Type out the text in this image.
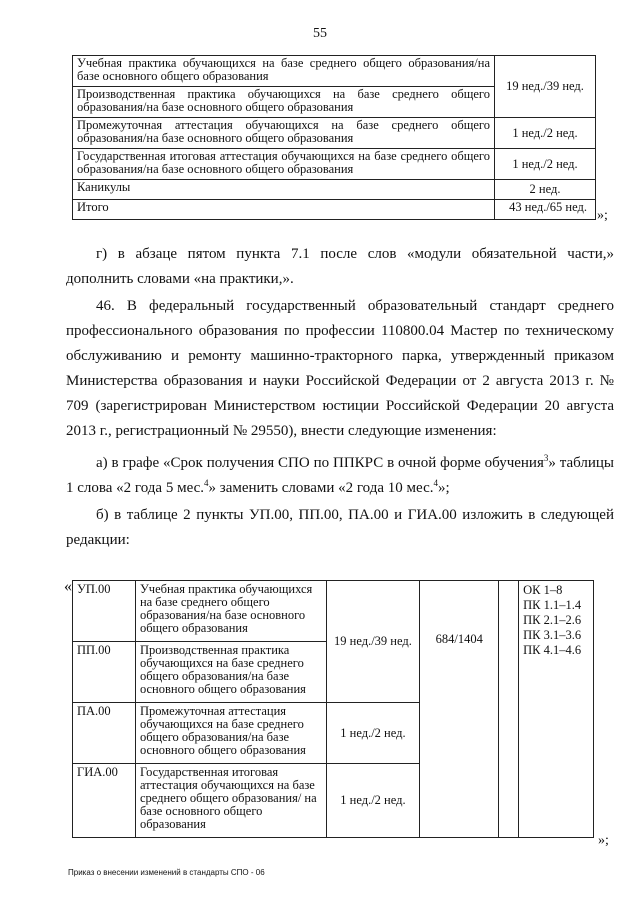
55
Учебная практика обучающихся на базе среднего общего образования/на базе основного общего образования	19 нед./39 нед.
Производственная практика обучающихся на базе среднего общего образования/на базе основного общего образования	
Промежуточная аттестация обучающихся на базе среднего общего образования/на базе основного общего образования	1 нед./2 нед.
Государственная итоговая аттестация обучающихся на базе среднего общего образования/на базе основного общего образования	1 нед./2 нед.
Каникулы	2 нед.
Итого	43 нед./65 нед.
»;
г) в абзаце пятом пункта 7.1 после слов «модули обязательной части,» дополнить словами «на практики,».
46. В федеральный государственный образовательный стандарт среднего профессионального образования по профессии 110800.04 Мастер по техническому обслуживанию и ремонту машинно-тракторного парка, утвержденный приказом Министерства образования и науки Российской Федерации от 2 августа 2013 г. № 709 (зарегистрирован Министерством юстиции Российской Федерации 20 августа 2013 г., регистрационный № 29550), внести следующие изменения:
а) в графе «Срок получения СПО по ППКРС в очной форме обучения$^3$» таблицы 1 слова «2 года 5 мес.$^4$» заменить словами «2 года 10 мес.$^4$»;
б) в таблице 2 пункты УП.00, ПП.00, ПА.00 и ГИА.00 изложить в следующей редакции:
« УП.00	Учебная практика обучающихся на базе среднего общего образования/на базе основного общего образования	19 нед./39 нед.	684/1404		ОК 1–8
ПК 1.1–1.4
ПК 2.1–2.6
ПК 3.1–3.6
ПК 4.1–4.6

ПП.00	Производственная практика обучающихся на базе среднего общего образования/на базе основного общего образования				
ПА.00	Промежуточная аттестация обучающихся на базе среднего общего образования/на базе основного общего образования	1 нед./2 нед.			
ГИА.00	Государственная итоговая аттестация обучающихся на базе среднего общего образования/ на базе основного общего образования	1 нед./2 нед.			
»;
Приказ о внесении изменений в стандарты СПО - 06
